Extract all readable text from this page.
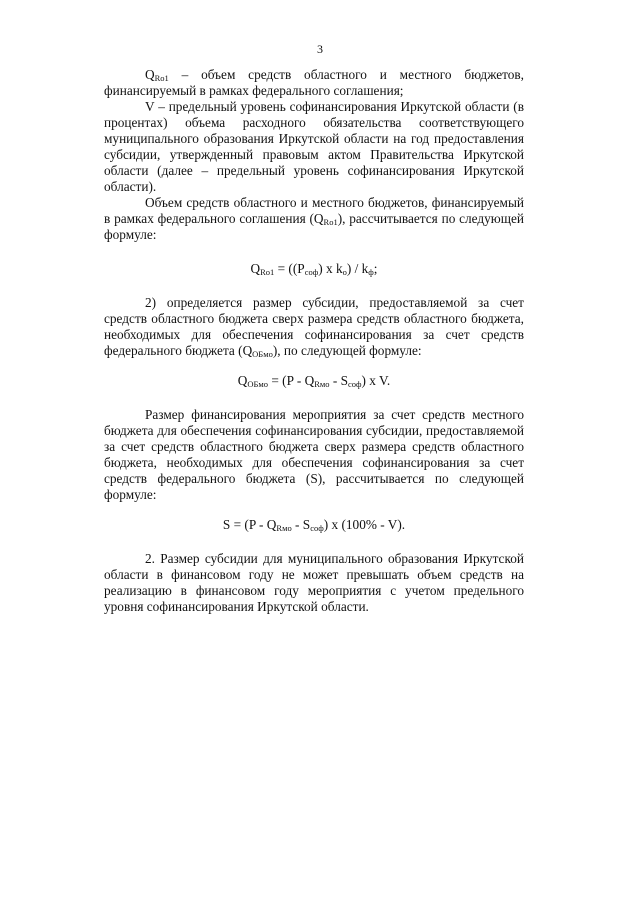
3

$Q_{Ro1}$ – объем средств областного и местного бюджетов, финансируемый в рамках федерального соглашения;

V – предельный уровень софинансирования Иркутской области (в процентах) объема расходного обязательства соответствующего муниципального образования Иркутской области на год предоставления субсидии, утвержденный правовым актом Правительства Иркутской области (далее – предельный уровень софинансирования Иркутской области).

Объем средств областного и местного бюджетов, финансируемый в рамках федерального соглашения $(Q_{Ro1})$, рассчитывается по следующей формуле:

$Q_{Ro1} = ((P_{соф})$ x $k_о) / k_ф$;

2) определяется размер субсидии, предоставляемой за счет средств областного бюджета сверх размера средств областного бюджета, необходимых для обеспечения софинансирования за счет средств федерального бюджета $(Q_{ОБмо})$, по следующей формуле:

$Q_{ОБмо} = (P - Q_{Rмо} - S_{соф})$ x V.

Размер финансирования мероприятия за счет средств местного бюджета для обеспечения софинансирования субсидии, предоставляемой за счет средств областного бюджета сверх размера средств областного бюджета, необходимых для обеспечения софинансирования за счет средств федерального бюджета (S), рассчитывается по следующей формуле:

$S = (P - Q_{Rмо} - S_{соф})$ x (100% - V).

2. Размер субсидии для муниципального образования Иркутской области в финансовом году не может превышать объем средств на реализацию в финансовом году мероприятия с учетом предельного уровня софинансирования Иркутской области.
